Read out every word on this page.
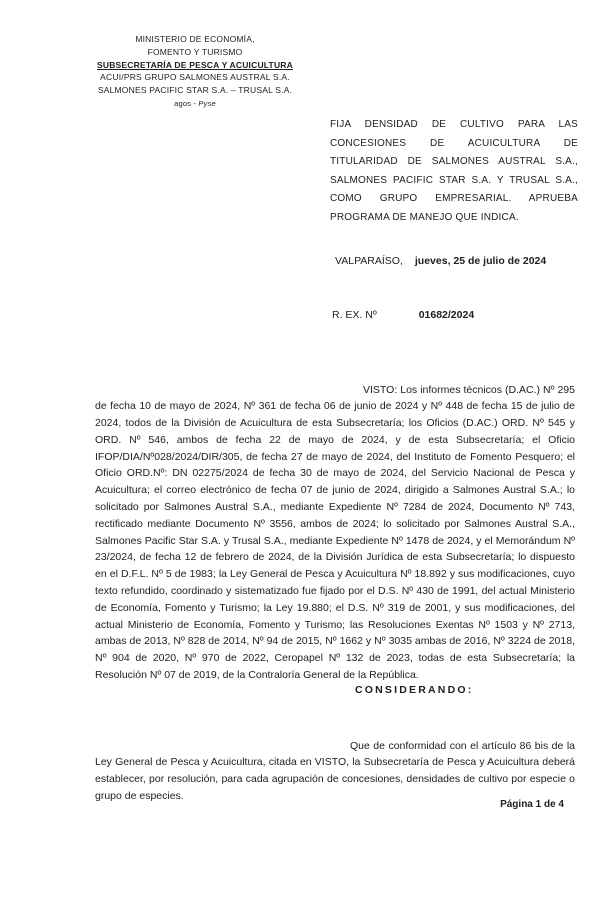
MINISTERIO DE ECONOMÍA,
FOMENTO Y TURISMO
SUBSECRETARÍA DE PESCA Y ACUICULTURA
ACUI/PRS GRUPO SALMONES AUSTRAL S.A.
SALMONES PACIFIC STAR S.A. – TRUSAL S.A.
agos - Pyse
FIJA DENSIDAD DE CULTIVO PARA LAS CONCESIONES DE ACUICULTURA DE TITULARIDAD DE SALMONES AUSTRAL S.A., SALMONES PACIFIC STAR S.A. Y TRUSAL S.A., COMO GRUPO EMPRESARIAL. APRUEBA PROGRAMA DE MANEJO QUE INDICA.
VALPARAÍSO, jueves, 25 de julio de 2024
R. EX. Nº	01682/2024

VISTO: Los informes técnicos (D.AC.) Nº 295 de fecha 10 de mayo de 2024, Nº 361 de fecha 06 de junio de 2024 y Nº 448 de fecha 15 de julio de 2024, todos de la División de Acuicultura de esta Subsecretaría; los Oficios (D.AC.) ORD. Nº 545 y ORD. Nº 546, ambos de fecha 22 de mayo de 2024, y de esta Subsecretaría; el Oficio IFOP/DIA/Nº028/2024/DIR/305, de fecha 27 de mayo de 2024, del Instituto de Fomento Pesquero; el Oficio ORD.Nº: DN 02275/2024 de fecha 30 de mayo de 2024, del Servicio Nacional de Pesca y Acuicultura; el correo electrónico de fecha 07 de junio de 2024, dirigido a Salmones Austral S.A.; lo solicitado por Salmones Austral S.A., mediante Expediente Nº 7284 de 2024, Documento Nº 743, rectificado mediante Documento Nº 3556, ambos de 2024; lo solicitado por Salmones Austral S.A., Salmones Pacific Star S.A. y Trusal S.A., mediante Expediente Nº 1478 de 2024, y el Memorándum Nº 23/2024, de fecha 12 de febrero de 2024, de la División Jurídica de esta Subsecretaría; lo dispuesto en el D.F.L. Nº 5 de 1983; la Ley General de Pesca y Acuicultura Nº 18.892 y sus modificaciones, cuyo texto refundido, coordinado y sistematizado fue fijado por el D.S. Nº 430 de 1991, del actual Ministerio de Economía, Fomento y Turismo; la Ley 19.880; el D.S. Nº 319 de 2001, y sus modificaciones, del actual Ministerio de Economía, Fomento y Turismo; las Resoluciones Exentas Nº 1503 y Nº 2713, ambas de 2013, Nº 828 de 2014, Nº 94 de 2015, Nº 1662 y Nº 3035 ambas de 2016, Nº 3224 de 2018, Nº 904 de 2020, Nº 970 de 2022, Ceropapel Nº 132 de 2023, todas de esta Subsecretaría; la Resolución Nº 07 de 2019, de la Contraloría General de la República.

CONSIDERANDO:

Que de conformidad con el artículo 86 bis de la Ley General de Pesca y Acuicultura, citada en VISTO, la Subsecretaría de Pesca y Acuicultura deberá establecer, por resolución, para cada agrupación de concesiones, densidades de cultivo por especie o grupo de especies.

Página 1 de 4
